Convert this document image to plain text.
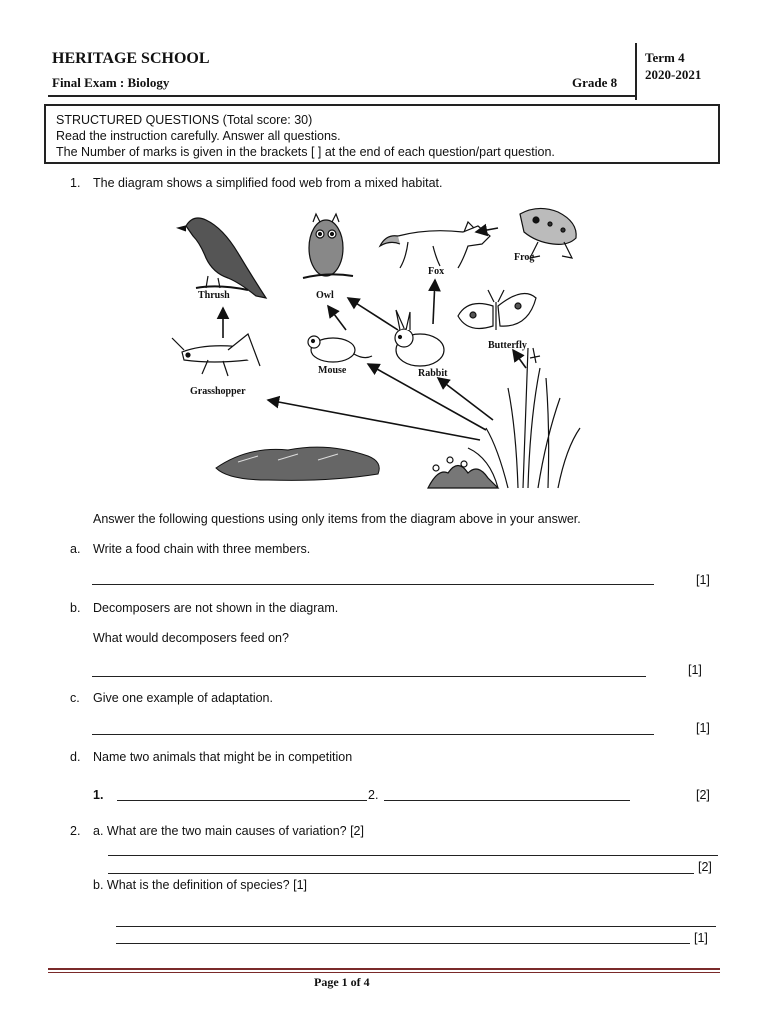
HERITAGE SCHOOL
Final Exam : Biology	Grade 8
Term 4
2020-2021
STRUCTURED QUESTIONS (Total score: 30)
Read the instruction carefully. Answer all questions.
The Number of marks is given in the brackets [ ] at the end of each question/part question.
1. The diagram shows a simplified food web from a mixed habitat.
Thrush	Owl
Fox
Frog
Butterfly
Mouse	Rabbit
Grasshopper
Answer the following questions using only items from the diagram above in your answer.
a. Write a food chain with three members.
[1]
b. Decomposers are not shown in the diagram.
What would decomposers feed on?
[1]
c. Give one example of adaptation.
[1]
d. Name two animals that might be in competition
1.	2.	[2]
2. a. What are the two main causes of variation? [2]
[2]
b. What is the definition of species? [1]
[1]
Page 1 of 4
